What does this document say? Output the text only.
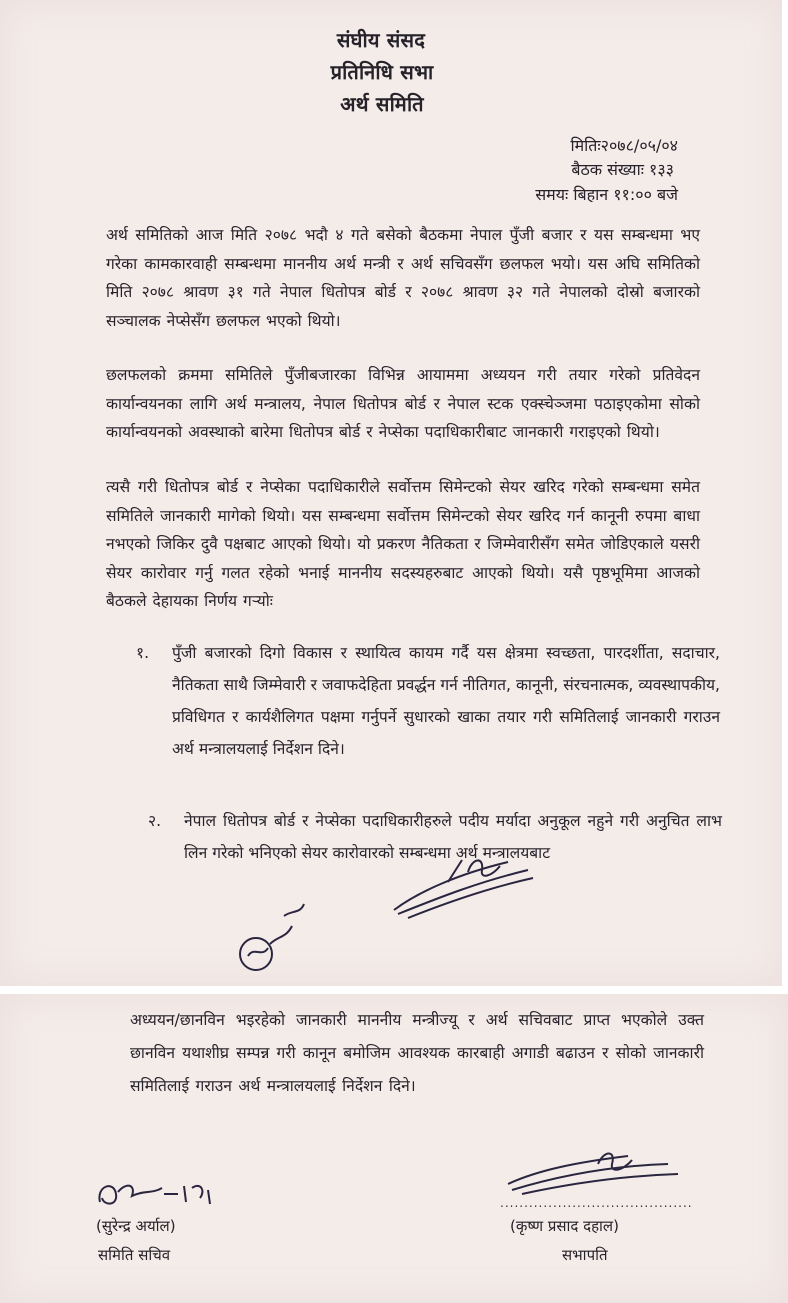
संघीय संसद
प्रतिनिधि सभा
अर्थ समिति
मितिः२०७८/०५/०४
बैठक संख्याः १३३
समयः बिहान ११:०० बजे
अर्थ समितिको आज मिति २०७८ भदौ ४ गते बसेको बैठकमा नेपाल पुँजी बजार र यस सम्बन्धमा भए गरेका कामकारवाही सम्बन्धमा माननीय अर्थ मन्त्री र अर्थ सचिवसँग छलफल भयो। यस अघि समितिको मिति २०७८ श्रावण ३१ गते नेपाल धितोपत्र बोर्ड र २०७८ श्रावण ३२ गते नेपालको दोस्रो बजारको सञ्चालक नेप्सेसँग छलफल भएको थियो।
छलफलको क्रममा समितिले पुँजीबजारका विभिन्न आयाममा अध्ययन गरी तयार गरेको प्रतिवेदन कार्यान्वयनका लागि अर्थ मन्त्रालय, नेपाल धितोपत्र बोर्ड र नेपाल स्टक एक्स्चेञ्जमा पठाइएकोमा सोको कार्यान्वयनको अवस्थाको बारेमा धितोपत्र बोर्ड र नेप्सेका पदाधिकारीबाट जानकारी गराइएको थियो।
त्यसै गरी धितोपत्र बोर्ड र नेप्सेका पदाधिकारीले सर्वोत्तम सिमेन्टको सेयर खरिद गरेको सम्बन्धमा समेत समितिले जानकारी मागेको थियो। यस सम्बन्धमा सर्वोत्तम सिमेन्टको सेयर खरिद गर्न कानूनी रुपमा बाधा नभएको जिकिर दुवै पक्षबाट आएको थियो। यो प्रकरण नैतिकता र जिम्मेवारीसँग समेत जोडिएकाले यसरी सेयर कारोवार गर्नु गलत रहेको भनाई माननीय सदस्यहरुबाट आएको थियो। यसै पृष्ठभूमिमा आजको बैठकले देहायका निर्णय गर्‍योः
१. पुँजी बजारको दिगो विकास र स्थायित्व कायम गर्दै यस क्षेत्रमा स्वच्छता, पारदर्शीता, सदाचार, नैतिकता साथै जिम्मेवारी र जवाफदेहिता प्रवर्द्धन गर्न नीतिगत, कानूनी, संरचनात्मक, व्यवस्थापकीय, प्रविधिगत र कार्यशैलिगत पक्षमा गर्नुपर्ने सुधारको खाका तयार गरी समितिलाई जानकारी गराउन अर्थ मन्त्रालयलाई निर्देशन दिने।
२. नेपाल धितोपत्र बोर्ड र नेप्सेका पदाधिकारीहरुले पदीय मर्यादा अनुकूल नहुने गरी अनुचित लाभ लिन गरेको भनिएको सेयर कारोवारको सम्बन्धमा अर्थ मन्त्रालयबाट
अध्ययन/छानविन भइरहेको जानकारी माननीय मन्त्रीज्यू र अर्थ सचिवबाट प्राप्त भएकोले उक्त छानविन यथाशीघ्र सम्पन्न गरी कानून बमोजिम आवश्यक कारबाही अगाडी बढाउन र सोको जानकारी समितिलाई गराउन अर्थ मन्त्रालयलाई निर्देशन दिने।
........................................
(सुरेन्द्र अर्याल)
समिति सचिव
(कृष्ण प्रसाद दहाल)
सभापति
